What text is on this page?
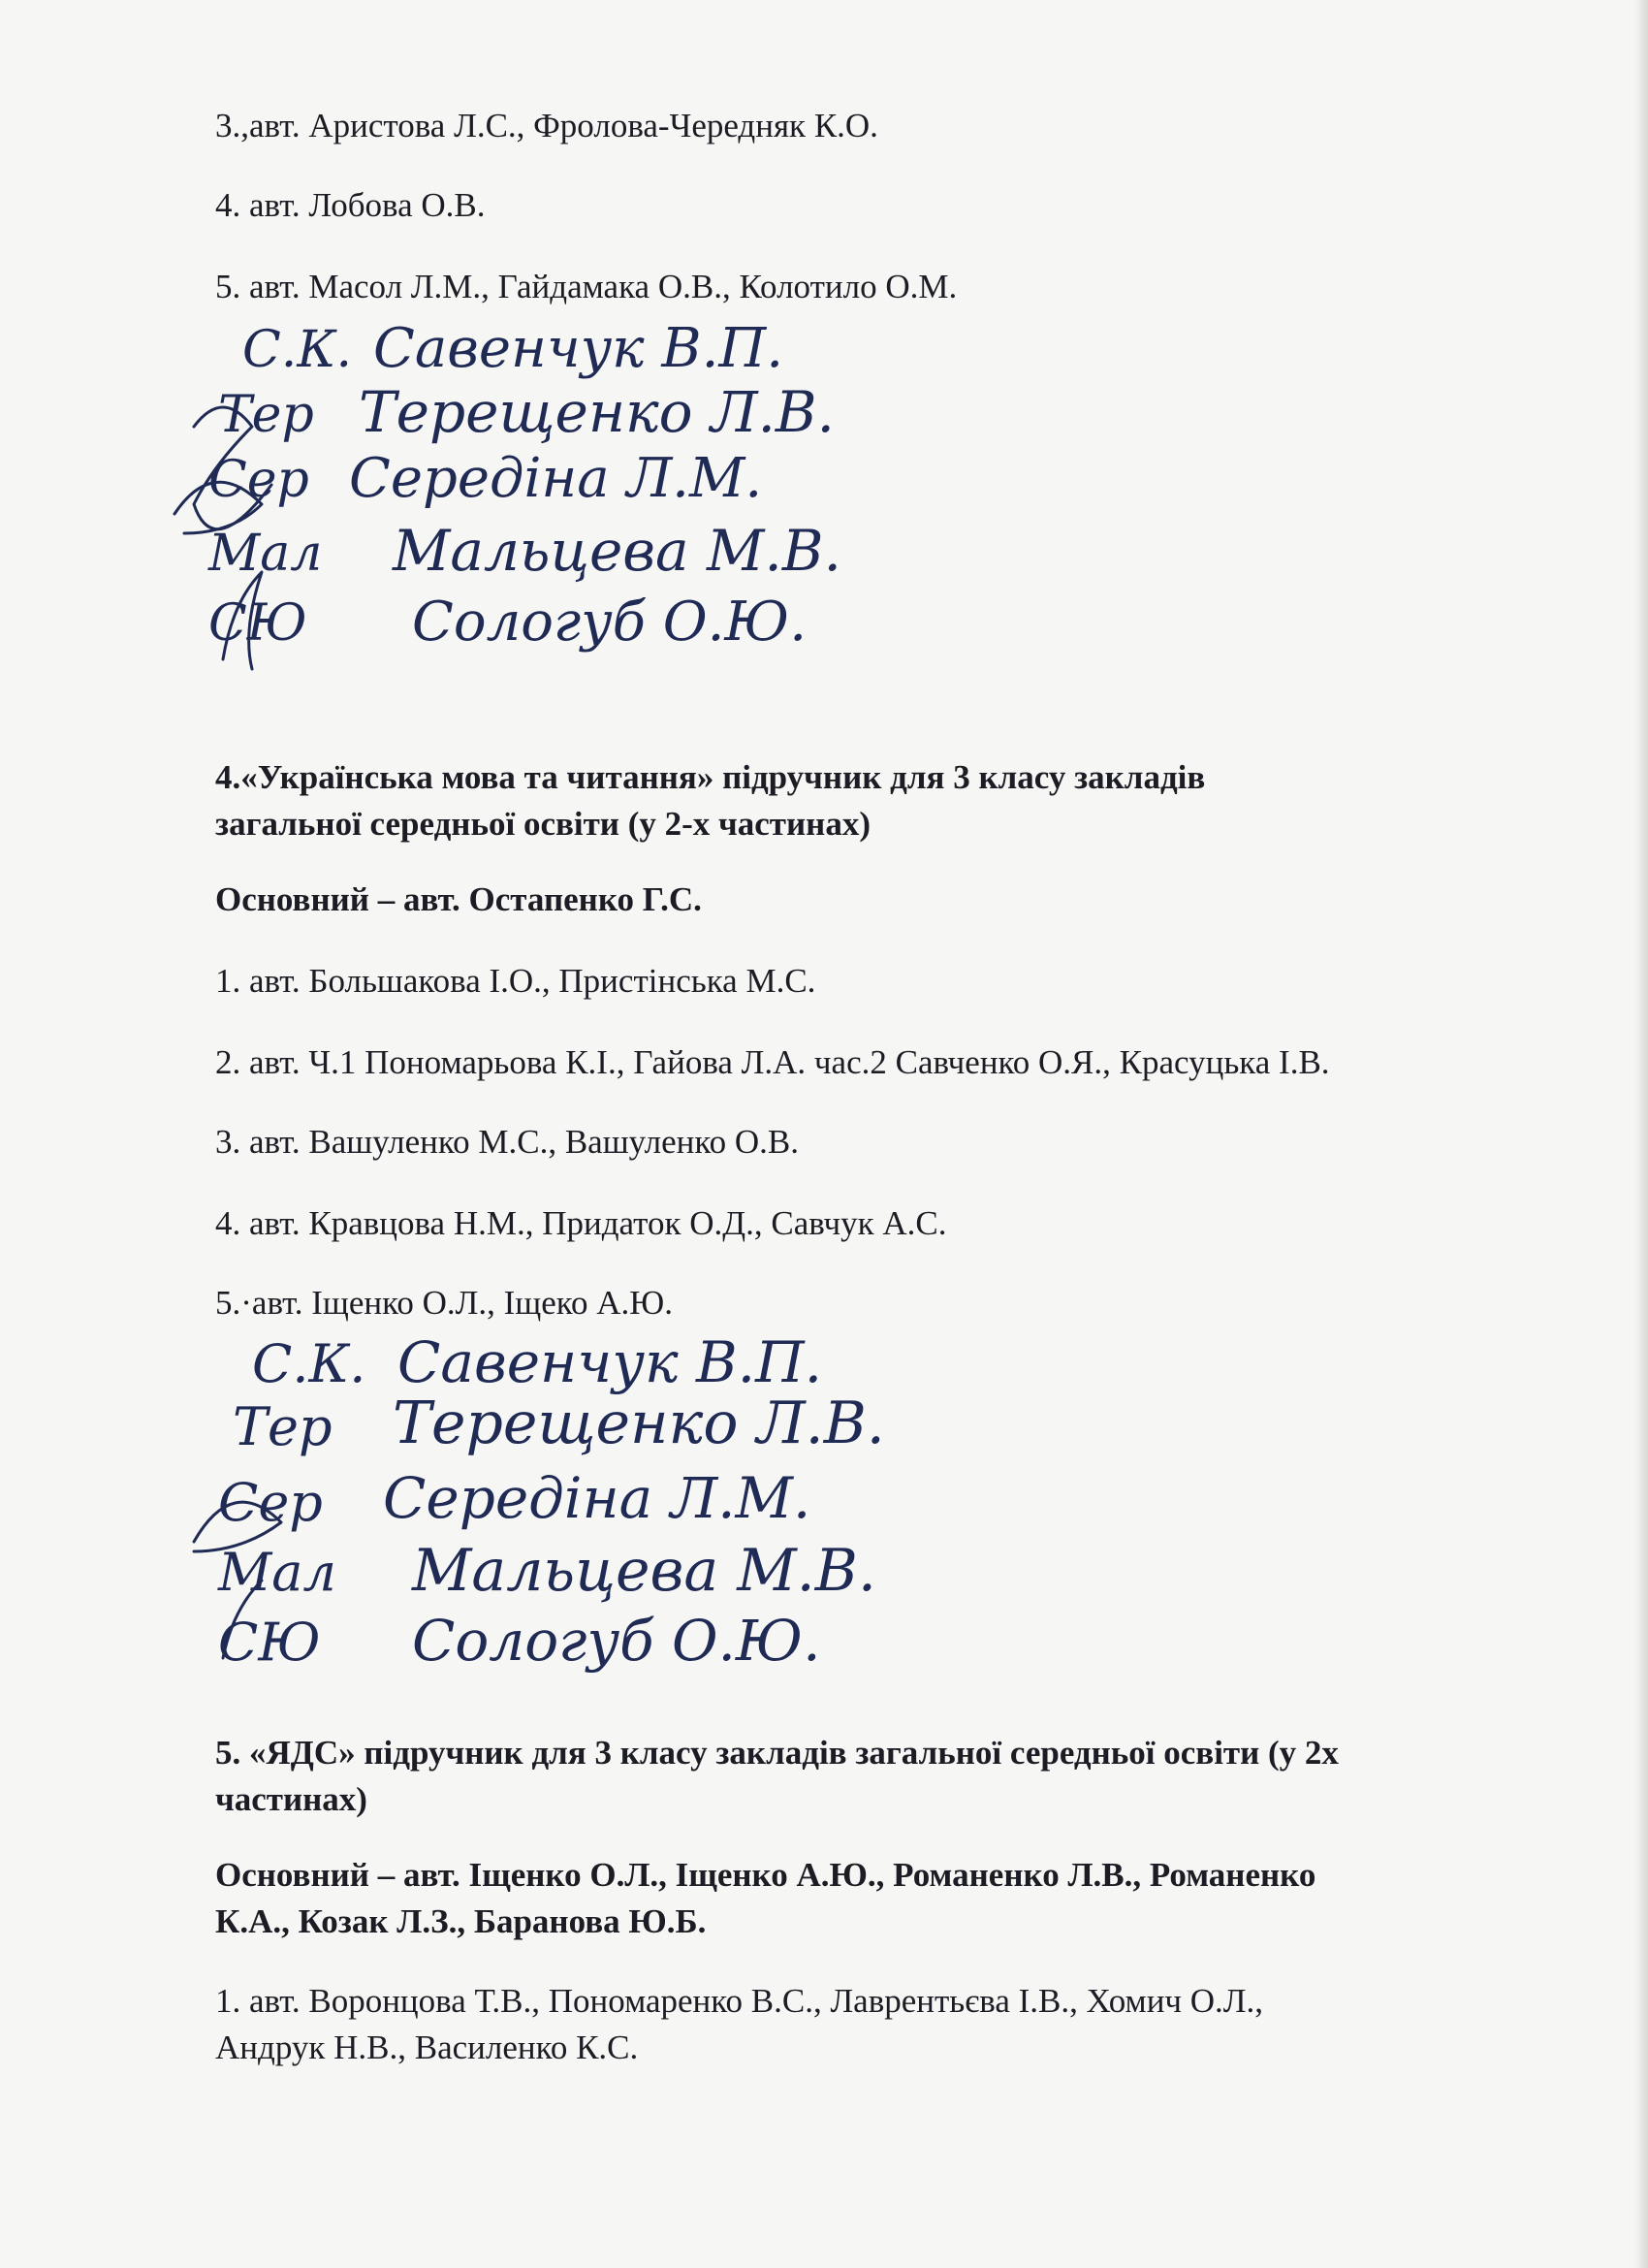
3.,авт. Аристова Л.С., Фролова-Чередняк К.О.
4. авт. Лобова О.В.
5. авт. Масол Л.М., Гайдамака О.В., Колотило О.М.
С.К. Савенчук В.П.
Тер Терещенко Л.В.
Сер Середіна Л.М.
Мал Мальцева М.В.
СЮ Сологуб О.Ю.
4.«Українська мова та читання» підручник для 3 класу закладів
загальної середньої освіти (у 2-х частинах)
Основний – авт. Остапенко Г.С.
1. авт. Большакова І.О., Пристінська М.С.
2. авт. Ч.1 Пономарьова К.І., Гайова Л.А. час.2 Савченко О.Я., Красуцька І.В.
3. авт. Вашуленко М.С., Вашуленко О.В.
4. авт. Кравцова Н.М., Придаток О.Д., Савчук А.С.
5.·авт. Іщенко О.Л., Іщеко А.Ю.
С.К. Савенчук В.П.
Тер Терещенко Л.В.
Сер Середіна Л.М.
Мал Мальцева М.В.
СЮ Сологуб О.Ю.
5. «ЯДС» підручник для 3 класу закладів загальної середньої освіти (у 2х
частинах)
Основний – авт. Іщенко О.Л., Іщенко А.Ю., Романенко Л.В., Романенко
К.А., Козак Л.З., Баранова Ю.Б.
1. авт. Воронцова Т.В., Пономаренко В.С., Лаврентьєва І.В., Хомич О.Л.,
Андрук Н.В., Василенко К.С.
